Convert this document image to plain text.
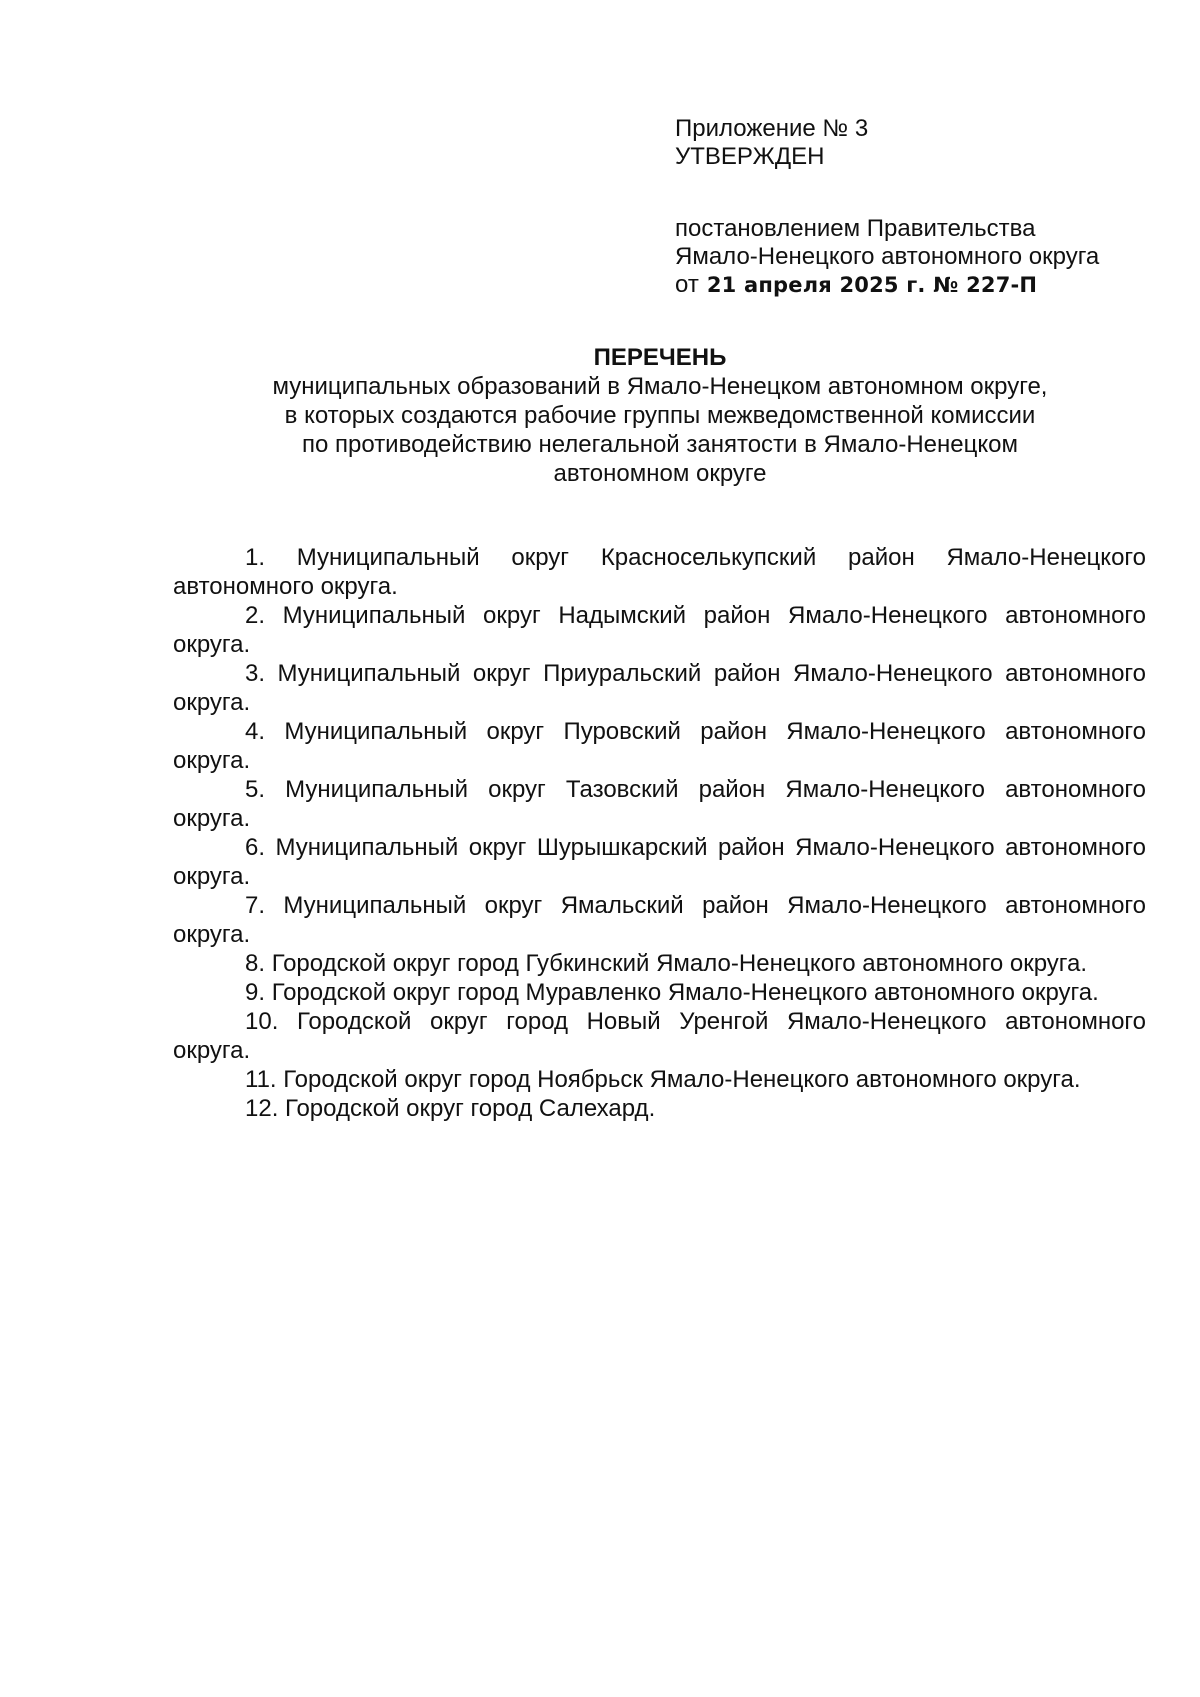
Приложение № 3
УТВЕРЖДЕН
постановлением Правительства
Ямало-Ненецкого автономного округа
от 21 апреля 2025 г. № 227-П
ПЕРЕЧЕНЬ
муниципальных образований в Ямало-Ненецком автономном округе,
в которых создаются рабочие группы межведомственной комиссии
по противодействию нелегальной занятости в Ямало-Ненецком
автономном округе

1. Муниципальный округ Красноселькупский район Ямало-Ненецкого автономного округа.

2. Муниципальный округ Надымский район Ямало-Ненецкого автономного округа.

3. Муниципальный округ Приуральский район Ямало-Ненецкого автономного округа.

4. Муниципальный округ Пуровский район Ямало-Ненецкого автономного округа.

5. Муниципальный округ Тазовский район Ямало-Ненецкого автономного округа.

6. Муниципальный округ Шурышкарский район Ямало-Ненецкого автономного округа.

7. Муниципальный округ Ямальский район Ямало-Ненецкого автономного округа.

8. Городской округ город Губкинский Ямало-Ненецкого автономного округа.

9. Городской округ город Муравленко Ямало-Ненецкого автономного округа.

10. Городской округ город Новый Уренгой Ямало-Ненецкого автономного округа.

11. Городской округ город Ноябрьск Ямало-Ненецкого автономного округа.

12. Городской округ город Салехард.
